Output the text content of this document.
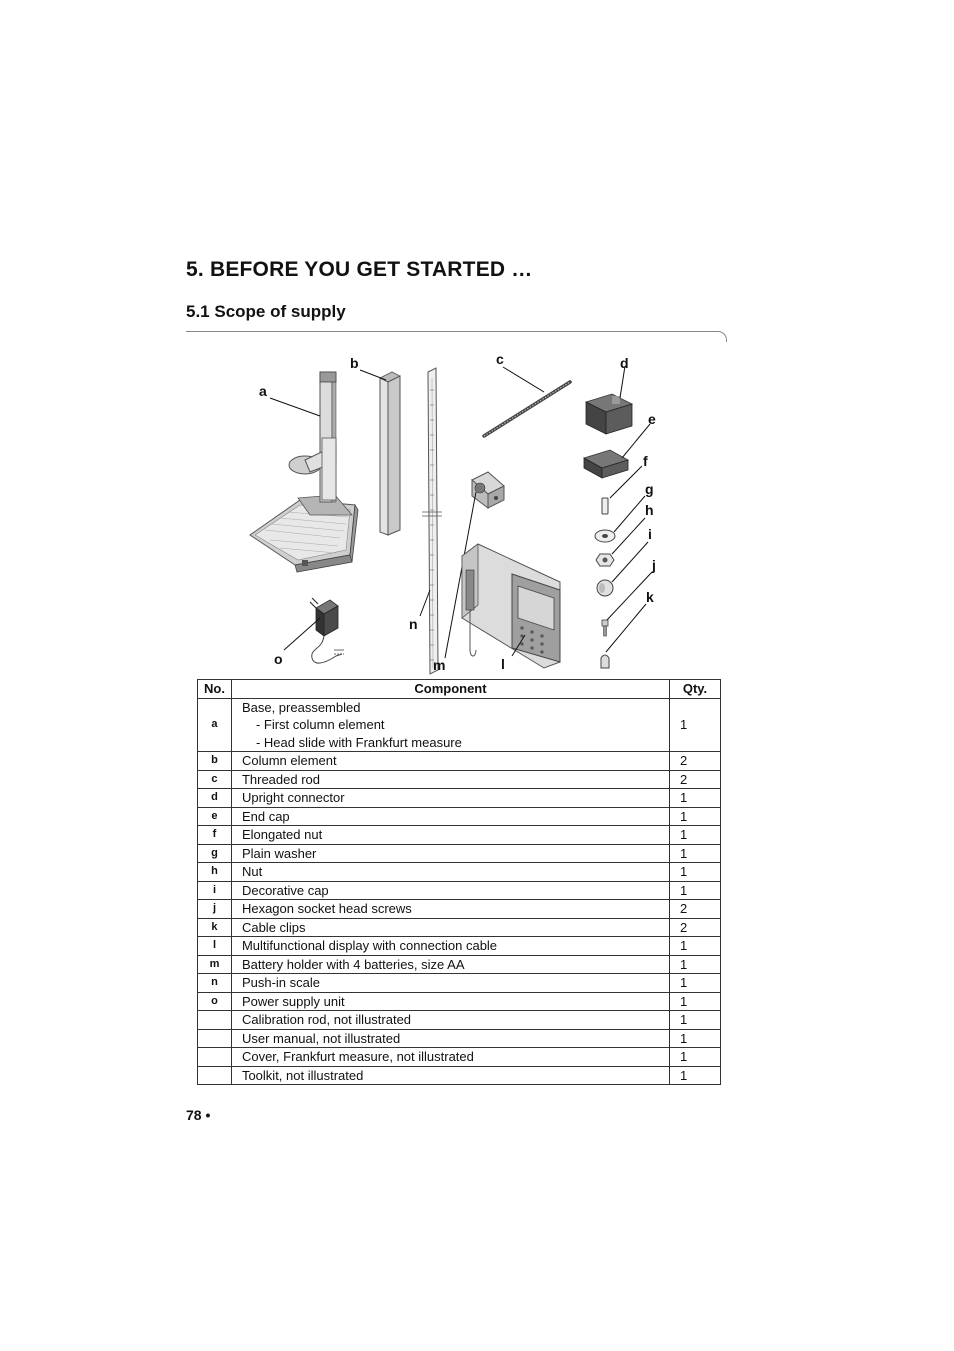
5. BEFORE YOU GET STARTED …
5.1 Scope of supply
a
b
n
c
m	l
d
e
f
g
h
i
j
k
o
No.	Component	Qty.
a	Base, preassembled
- First column element
- Head slide with Frankfurt measure	1
b	Column element	2
c	Threaded rod	2
d	Upright connector	1
e	End cap	1
f	Elongated nut	1
g	Plain washer	1
h	Nut	1
i	Decorative cap	1
j	Hexagon socket head screws	2
k	Cable clips	2
l	Multifunctional display with connection cable	1
m	Battery holder with 4 batteries, size AA	1
n	Push-in scale	1
o	Power supply unit	1
	Calibration rod, not illustrated	1
	User manual, not illustrated	1
	Cover, Frankfurt measure, not illustrated	1
	Toolkit, not illustrated	1
78 •
